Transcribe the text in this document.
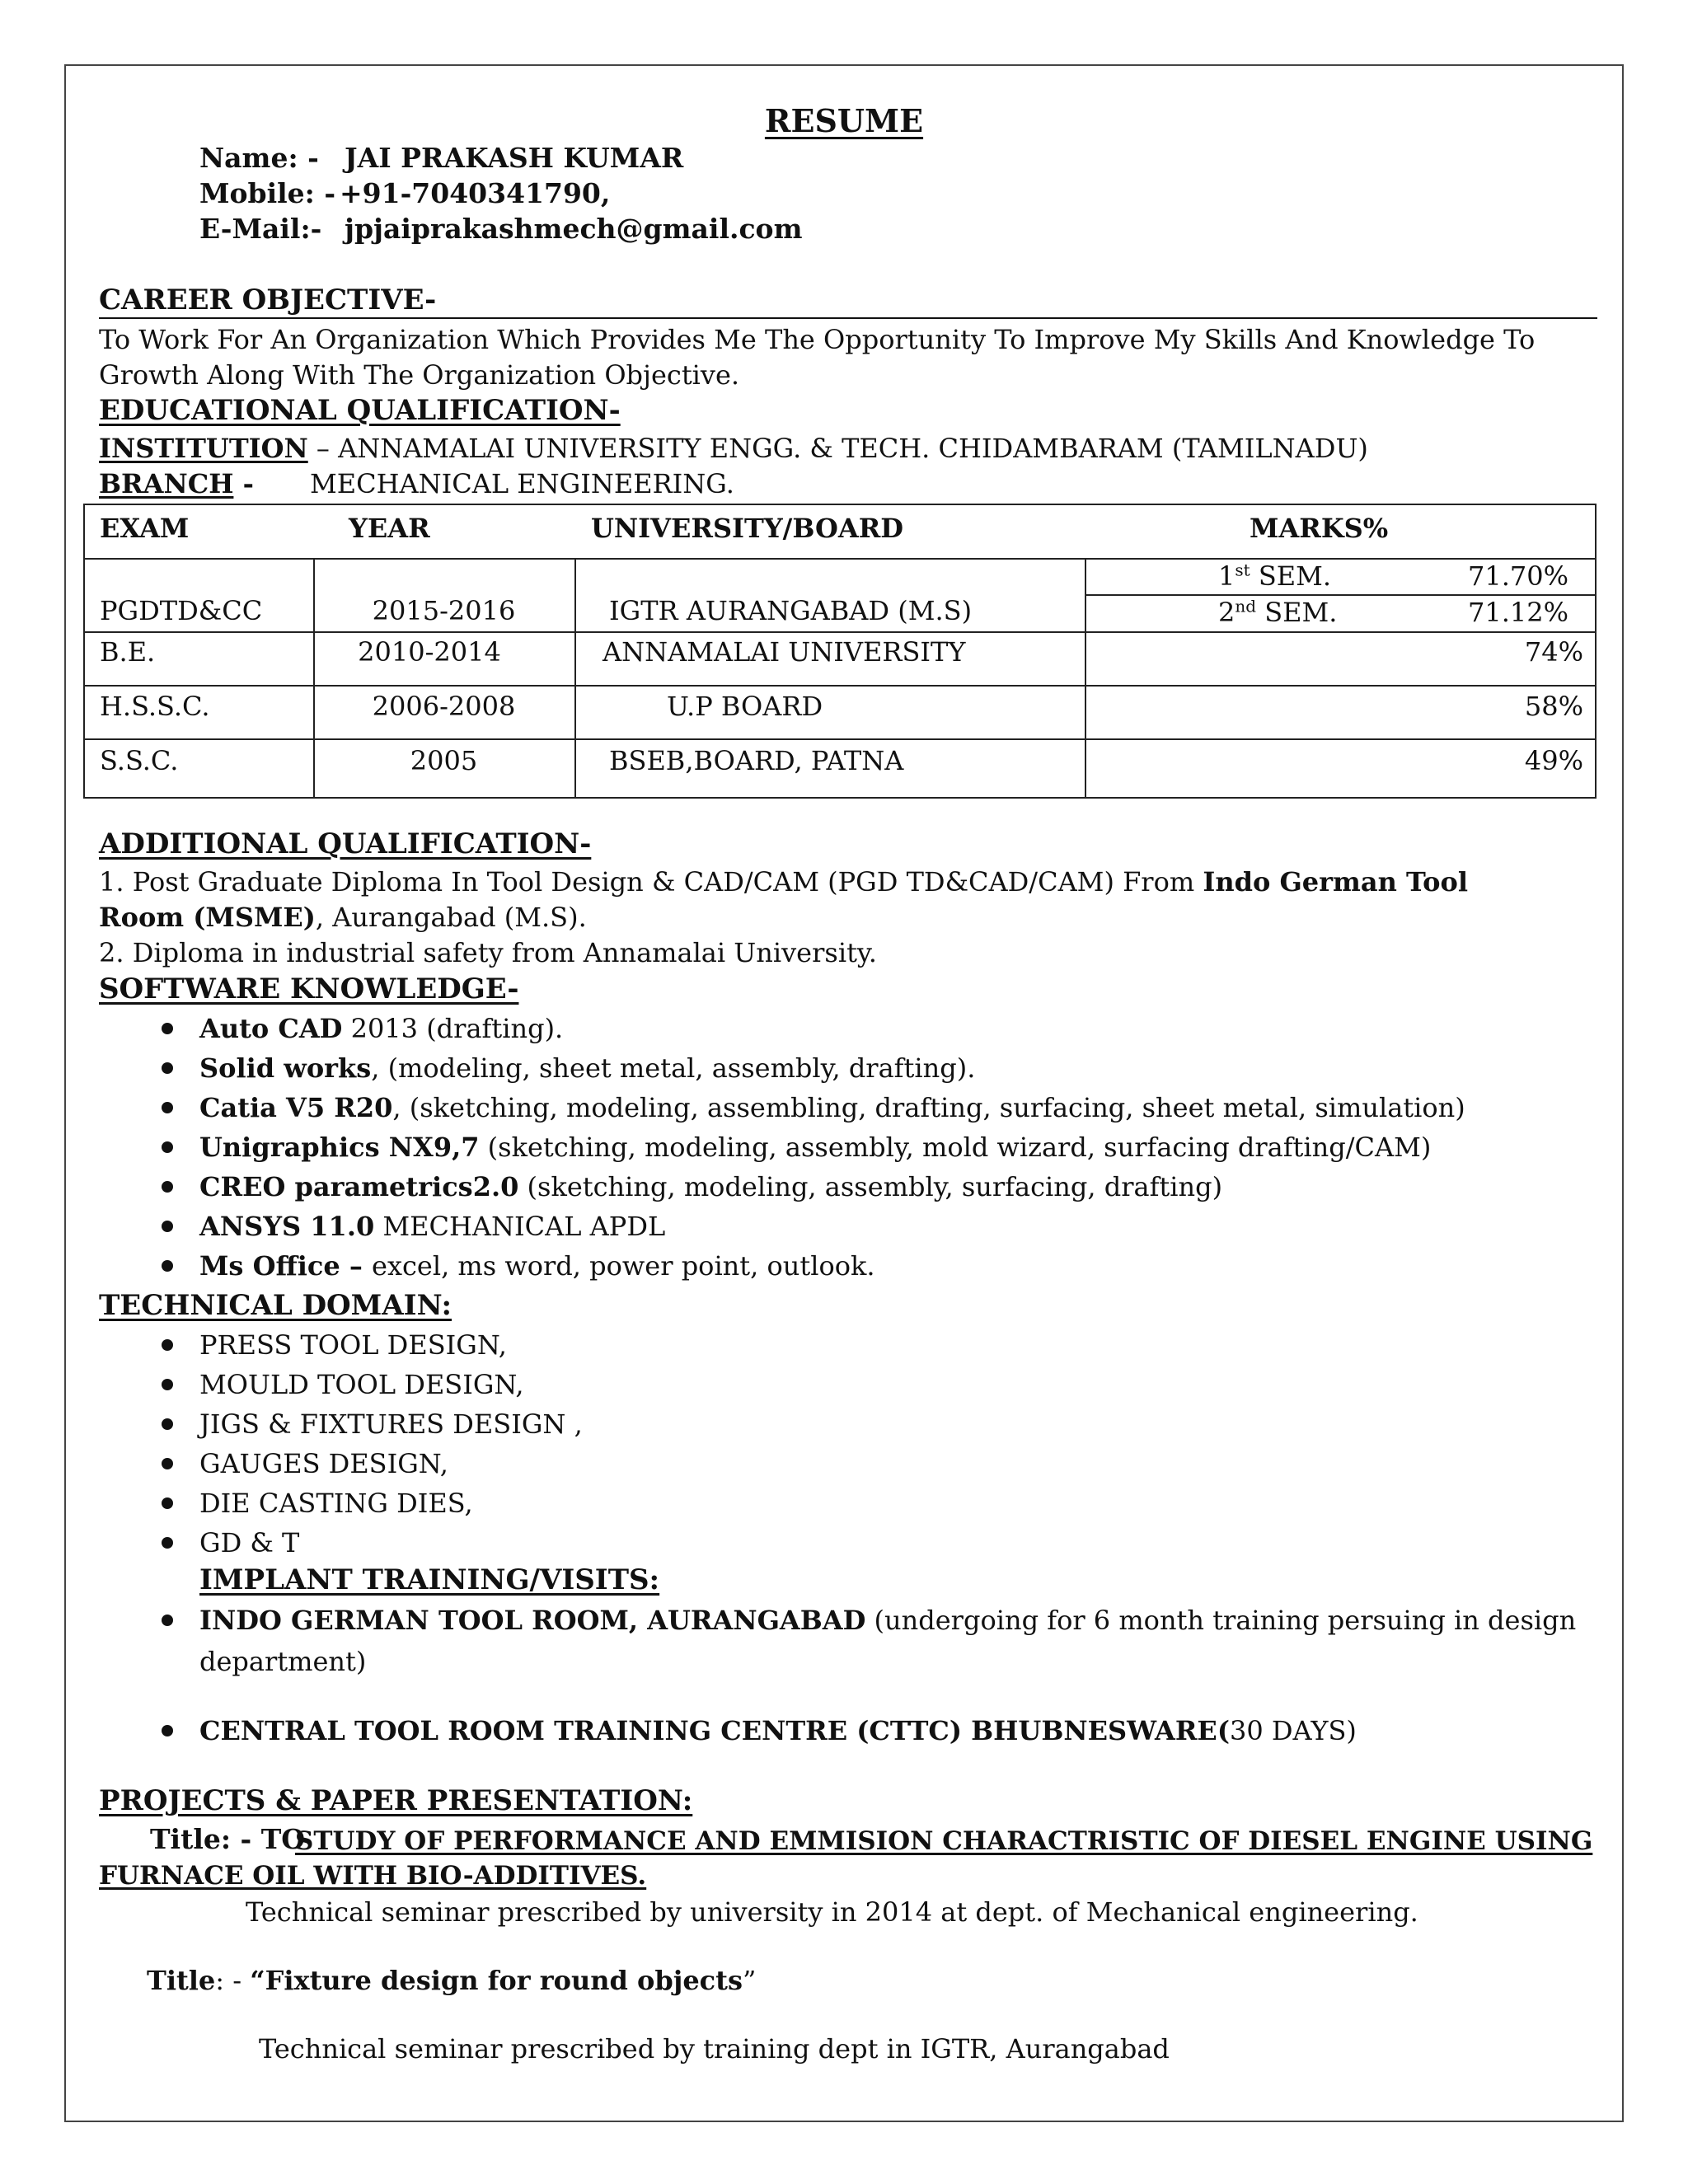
RESUME
Name: - JAI PRAKASH KUMAR
Mobile: - +91-7040341790,
E-Mail:- jpjaiprakashmech@gmail.com
CAREER OBJECTIVE-
To Work For An Organization Which Provides Me The Opportunity To Improve My Skills And Knowledge To
Growth Along With The Organization Objective.
EDUCATIONAL QUALIFICATION-
INSTITUTION – ANNAMALAI UNIVERSITY ENGG. & TECH. CHIDAMBARAM (TAMILNADU)
BRANCH - MECHANICAL ENGINEERING.
EXAM	YEAR	UNIVERSITY/BOARD	MARKS%
PGDTD&CC	2015-2016	IGTR AURANGABAD (M.S)
1st SEM.	71.70%
2nd SEM.	71.12%
B.E.	2010-2014	ANNAMALAI UNIVERSITY	74%
H.S.S.C.	2006-2008	U.P BOARD	58%
S.S.C.	2005	BSEB,BOARD, PATNA	49%
ADDITIONAL QUALIFICATION-
1. Post Graduate Diploma In Tool Design & CAD/CAM (PGD TD&CAD/CAM) From Indo German Tool
Room (MSME), Aurangabad (M.S).
2. Diploma in industrial safety from Annamalai University.
SOFTWARE KNOWLEDGE-
Auto CAD 2013 (drafting).
Solid works, (modeling, sheet metal, assembly, drafting).
Catia V5 R20, (sketching, modeling, assembling, drafting, surfacing, sheet metal, simulation)
Unigraphics NX9,7 (sketching, modeling, assembly, mold wizard, surfacing drafting/CAM)
CREO parametrics2.0 (sketching, modeling, assembly, surfacing, drafting)
ANSYS 11.0 MECHANICAL APDL
Ms Office – excel, ms word, power point, outlook.
TECHNICAL DOMAIN:
PRESS TOOL DESIGN,
MOULD TOOL DESIGN,
JIGS & FIXTURES DESIGN ,
GAUGES DESIGN,
DIE CASTING DIES,
GD & T
IMPLANT TRAINING/VISITS:
INDO GERMAN TOOL ROOM, AURANGABAD (undergoing for 6 month training persuing in design
department)
CENTRAL TOOL ROOM TRAINING CENTRE (CTTC) BHUBNESWARE(30 DAYS)
PROJECTS & PAPER PRESENTATION:
Title: - TO
STUDY OF PERFORMANCE AND EMMISION CHARACTRISTIC OF DIESEL ENGINE USING
FURNACE OIL WITH BIO-ADDITIVES.
Technical seminar prescribed by university in 2014 at dept. of Mechanical engineering.
Title: - “Fixture design for round objects”
Technical seminar prescribed by training dept in IGTR, Aurangabad
